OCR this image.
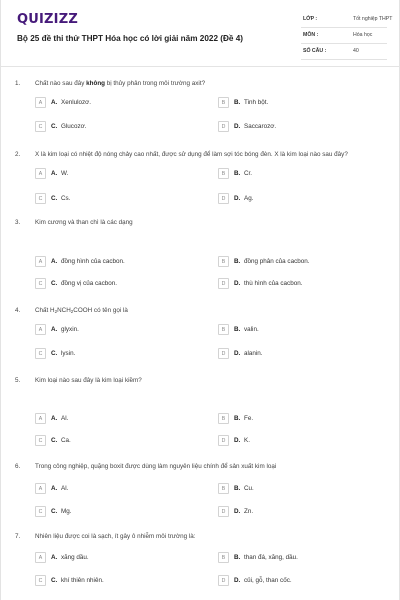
QUIZIZZ
Bộ 25 đề thi thử THPT Hóa học có lời giải năm 2022 (Đề 4)
LỚP :	Tốt nghiệp THPT
MÔN :	Hóa học
SỐ CÂU :	40
1. Chất nào sau đây không bị thủy phân trong môi trường axit?
A	A. Xenlulozơ.	B	B. Tinh bột.
C	C. Glucozơ.	D	D. Saccarozơ.
2. X là kim loại có nhiệt độ nóng chảy cao nhất, được sử dụng để làm sợi tóc bóng đèn. X là kim loại nào sau đây?
A	A. W.	B	B. Cr.
C	C. Cs.	D	D. Ag.
3. Kim cương và than chì là các dạng
A	A. đồng hình của cacbon.	B	B. đồng phân của cacbon.
C	C. đồng vị của cacbon.	D	D. thù hình của cacbon.
4. Chất $H_2NCH_2COOH$ có tên gọi là
A	A. glyxin.	B	B. valin.
C	C. lysin.	D	D. alanin.
5. Kim loại nào sau đây là kim loại kiềm?
A	A. Al.	B	B. Fe.
C	C. Ca.	D	D. K.
6. Trong công nghiệp, quặng boxit được dùng làm nguyên liệu chính để sản xuất kim loại
A	A. Al.	B	B. Cu.
C	C. Mg.	D	D. Zn.
7. Nhiên liệu được coi là sạch, ít gây ô nhiễm môi trường là:
A	A. xăng dầu.	B	B. than đá, xăng, dầu.
C	C. khí thiên nhiên.	D	D. củi, gỗ, than cốc.
